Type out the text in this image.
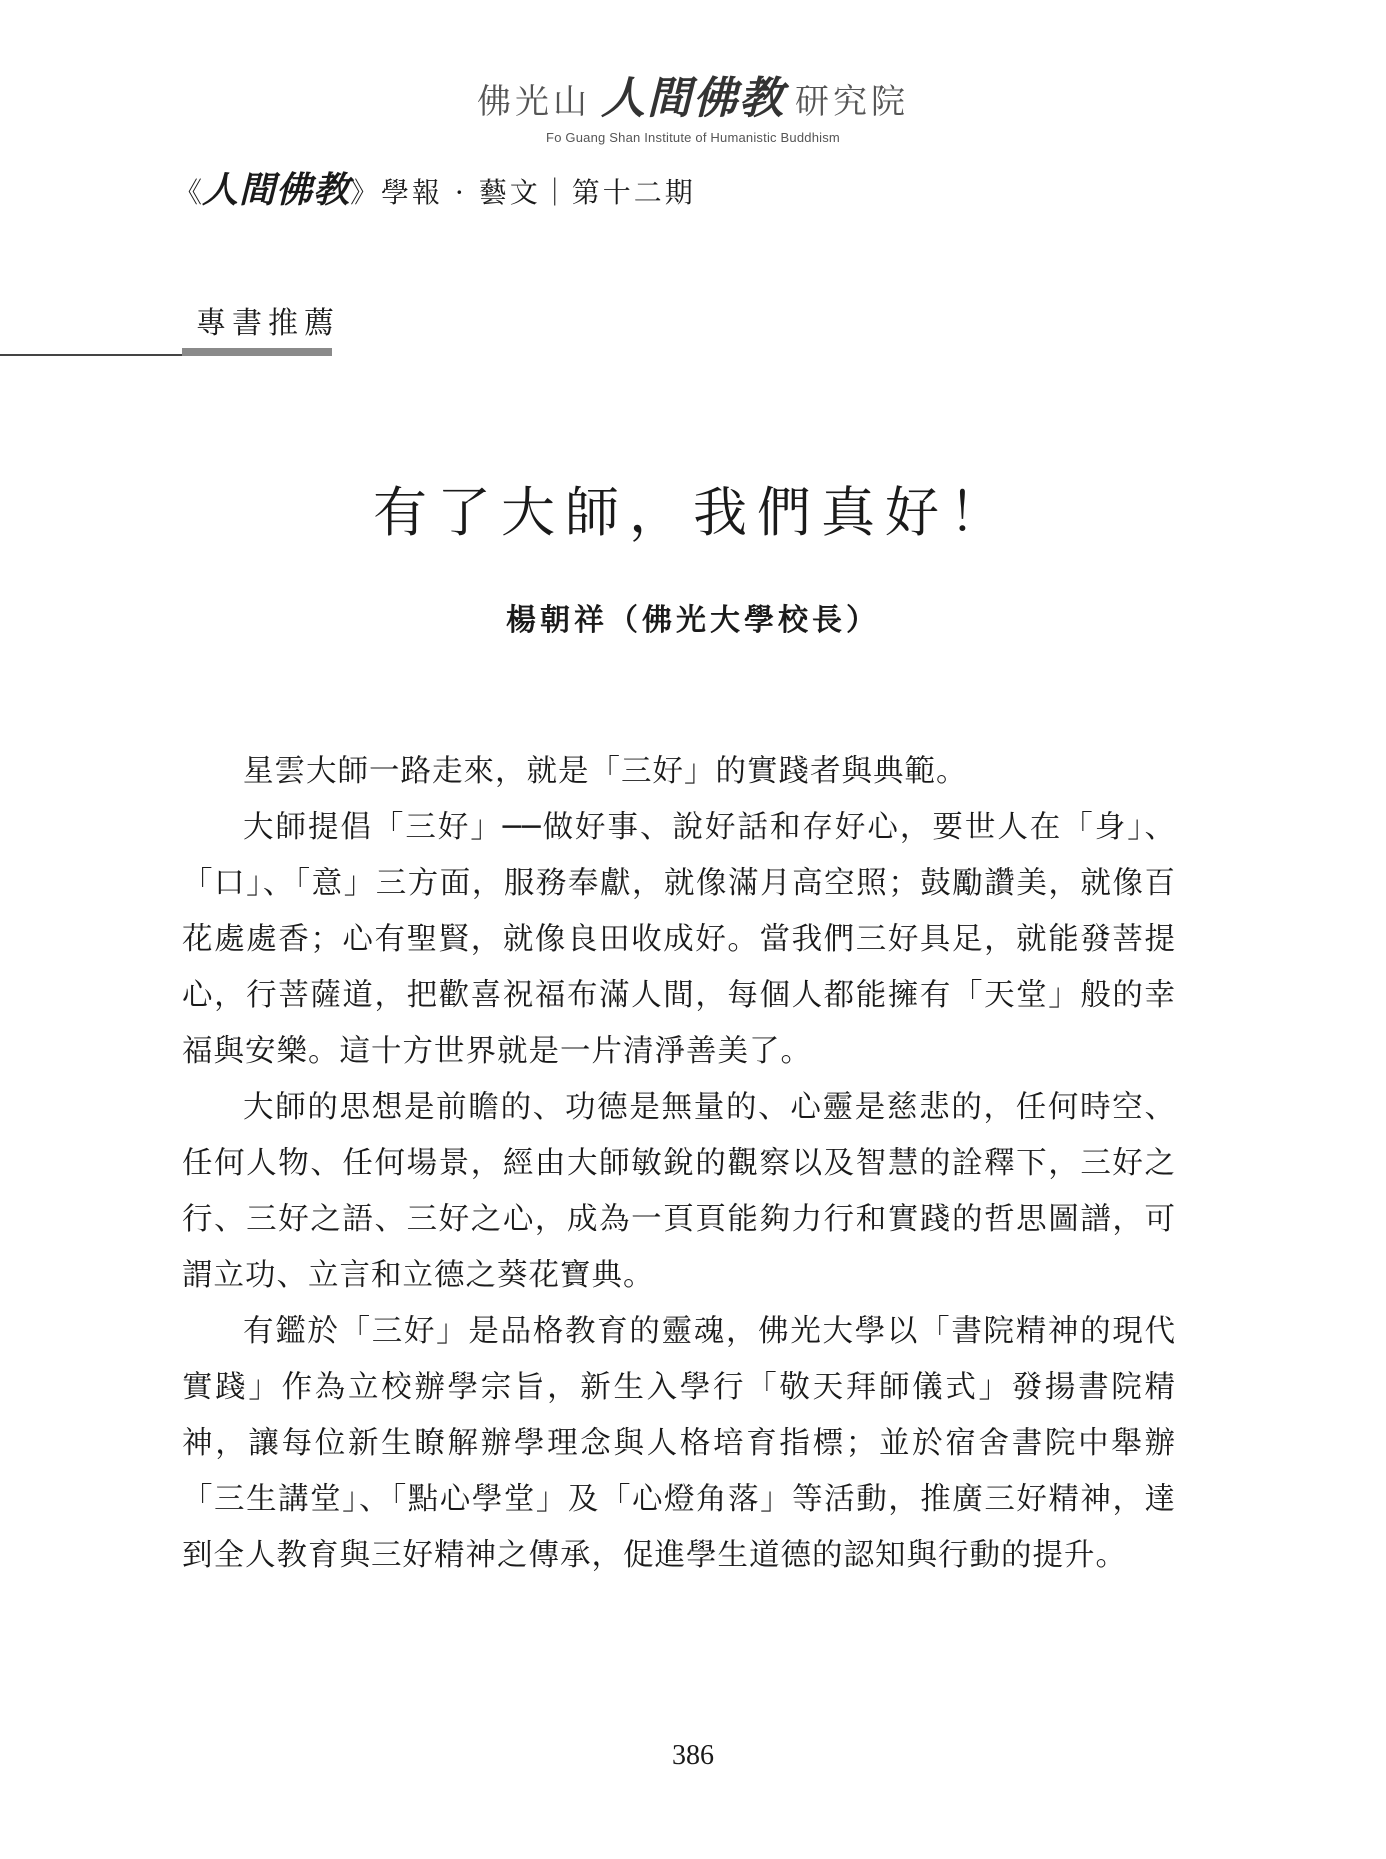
佛光山 人間佛教 研究院
Fo Guang Shan Institute of Humanistic Buddhism
《 人間佛教 》學報 · 藝文｜第十二期
專書推薦
有了大師，我們真好！
楊朝祥（佛光大學校長）

星雲大師一路走來，就是「三好」的實踐者與典範。

大師提倡「三好」──做好事、說好話和存好心，要世人在「身」、「口」、「意」三方面，服務奉獻，就像滿月高空照；鼓勵讚美，就像百花處處香；心有聖賢，就像良田收成好。當我們三好具足，就能發菩提心，行菩薩道，把歡喜祝福布滿人間，每個人都能擁有「天堂」般的幸福與安樂。這十方世界就是一片清淨善美了。

大師的思想是前瞻的、功德是無量的、心靈是慈悲的，任何時空、任何人物、任何場景，經由大師敏銳的觀察以及智慧的詮釋下，三好之行、三好之語、三好之心，成為一頁頁能夠力行和實踐的哲思圖譜，可謂立功、立言和立德之葵花寶典。

有鑑於「三好」是品格教育的靈魂，佛光大學以「書院精神的現代實踐」作為立校辦學宗旨，新生入學行「敬天拜師儀式」發揚書院精神，讓每位新生瞭解辦學理念與人格培育指標；並於宿舍書院中舉辦「三生講堂」、「點心學堂」及「心燈角落」等活動，推廣三好精神，達到全人教育與三好精神之傳承，促進學生道德的認知與行動的提升。

386
